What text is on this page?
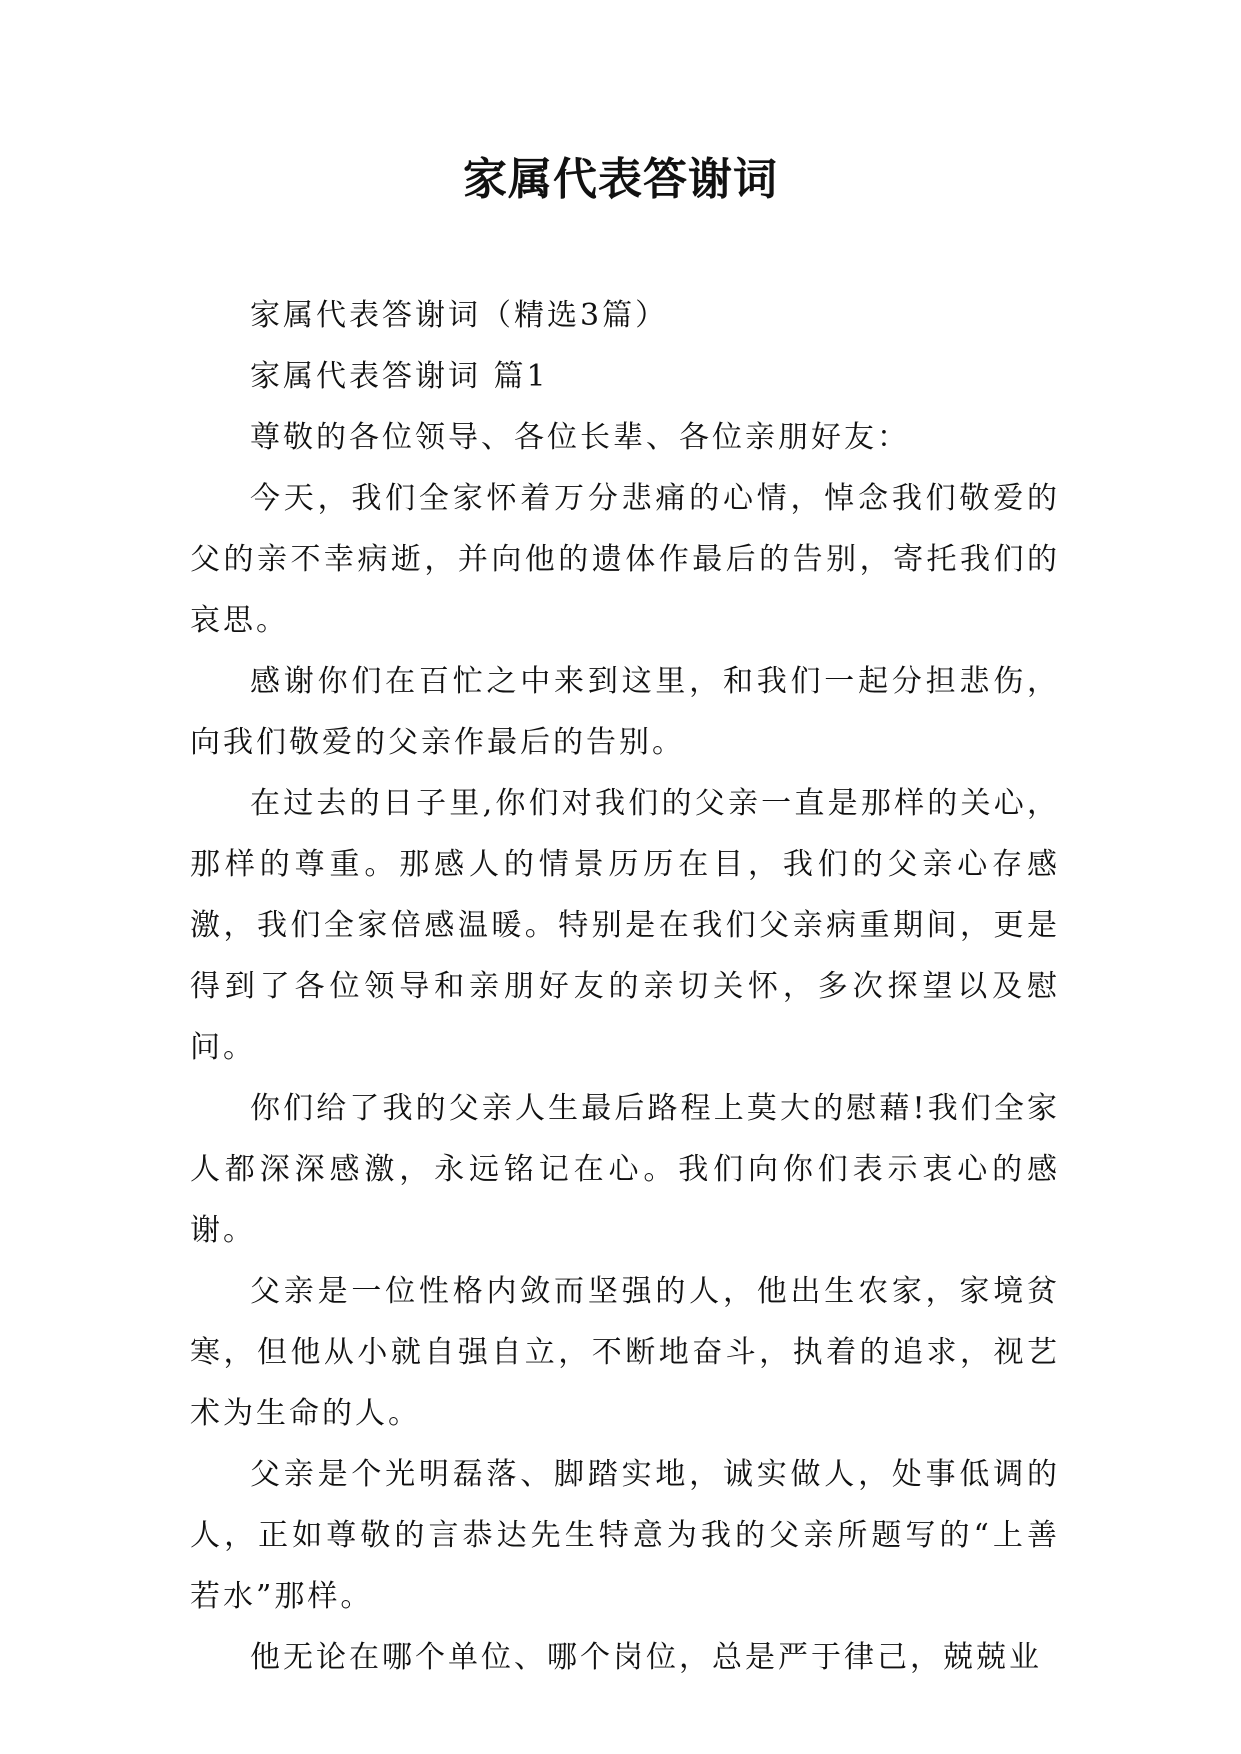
家属代表答谢词

家属代表答谢词（精选3篇）

家属代表答谢词 篇1

尊敬的各位领导、各位长辈、各位亲朋好友：

今天，我们全家怀着万分悲痛的心情，悼念我们敬爱的父的亲不幸病逝，并向他的遗体作最后的告别，寄托我们的哀思。

感谢你们在百忙之中来到这里，和我们一起分担悲伤，向我们敬爱的父亲作最后的告别。

在过去的日子里,你们对我们的父亲一直是那样的关心，那样的尊重。那感人的情景历历在目，我们的父亲心存感激，我们全家倍感温暖。特别是在我们父亲病重期间，更是得到了各位领导和亲朋好友的亲切关怀，多次探望以及慰问。

你们给了我的父亲人生最后路程上莫大的慰藉!我们全家人都深深感激，永远铭记在心。我们向你们表示衷心的感谢。

父亲是一位性格内敛而坚强的人，他出生农家，家境贫寒，但他从小就自强自立，不断地奋斗，执着的追求，视艺术为生命的人。

父亲是个光明磊落、脚踏实地，诚实做人，处事低调的人，正如尊敬的言恭达先生特意为我的父亲所题写的“上善若水”那样。

他无论在哪个单位、哪个岗位，总是严于律己，兢兢业
